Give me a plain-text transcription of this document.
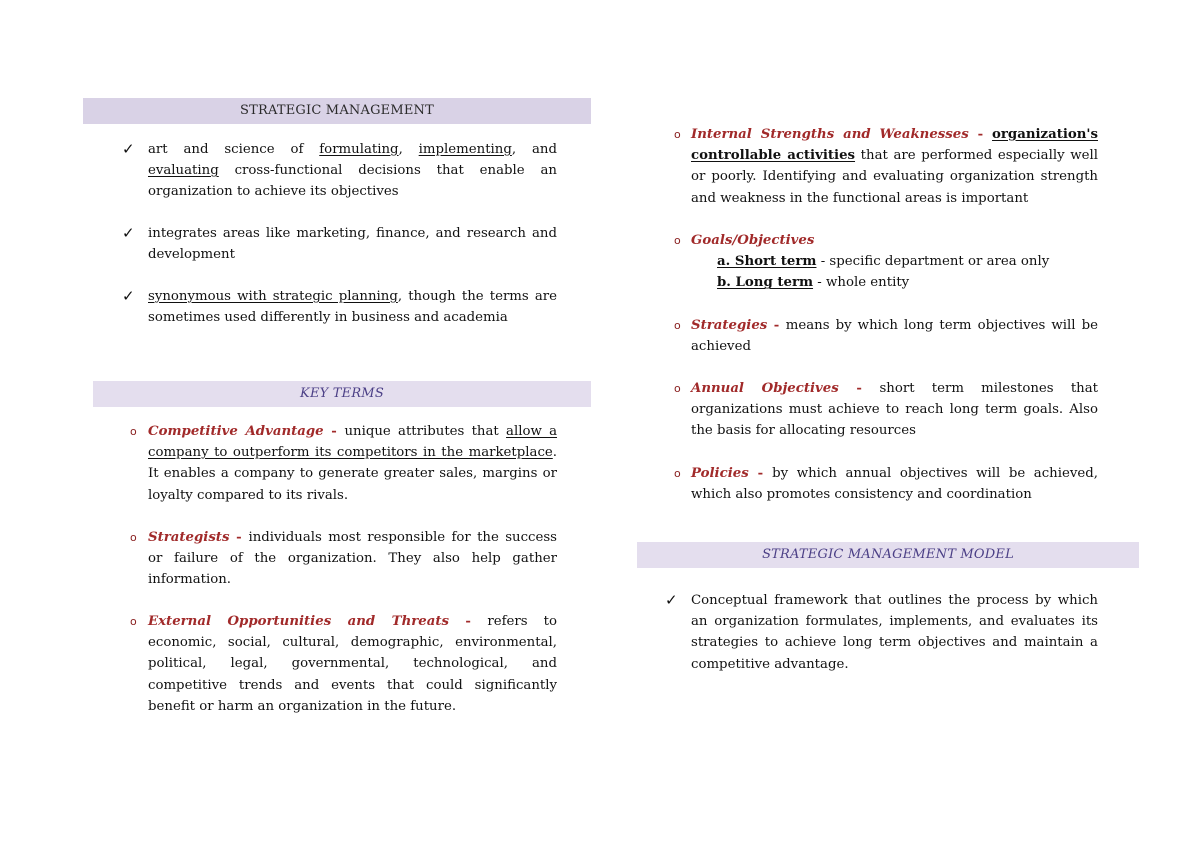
STRATEGIC MANAGEMENT
✓ art and science of formulating, implementing, and evaluating cross-functional decisions that enable an organization to achieve its objectives

✓ integrates areas like marketing, finance, and research and development

✓ synonymous with strategic planning, though the terms are sometimes used differently in business and academia

KEY TERMS
o Competitive Advantage - unique attributes that allow a company to outperform its competitors in the marketplace. It enables a company to generate greater sales, margins or loyalty compared to its rivals.

o Strategists - individuals most responsible for the success or failure of the organization. They also help gather information.

o External Opportunities and Threats - refers to economic, social, cultural, demographic, environmental, political, legal, governmental, technological, and competitive trends and events that could significantly benefit or harm an organization in the future.

o Internal Strengths and Weaknesses - organization's controllable activities that are performed especially well or poorly. Identifying and evaluating organization strength and weakness in the functional areas is important

o Goals/Objectives

a. Short term - specific department or area only

b. Long term - whole entity

o Strategies - means by which long term objectives will be achieved

o Annual Objectives - short term milestones that organizations must achieve to reach long term goals. Also the basis for allocating resources

o Policies - by which annual objectives will be achieved, which also promotes consistency and coordination

STRATEGIC MANAGEMENT MODEL
✓ Conceptual framework that outlines the process by which an organization formulates, implements, and evaluates its strategies to achieve long term objectives and maintain a competitive advantage.
